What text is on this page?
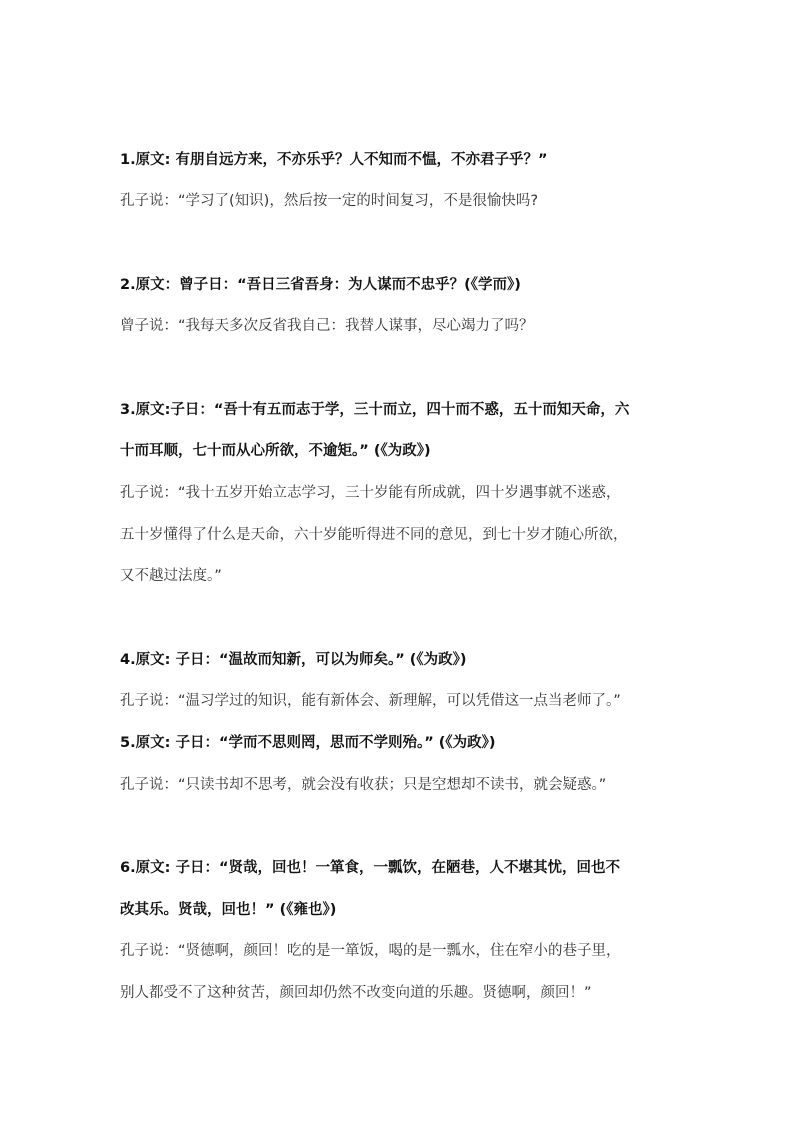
1.原文: 有朋自远方来，不亦乐乎？人不知而不愠，不亦君子乎？”
孔子说：“学习了(知识)，然后按一定的时间复习，不是很愉快吗?
2.原文：曾子日：“吾日三省吾身：为人谋而不忠乎？(《学而》)
曾子说：“我每天多次反省我自己：我替人谋事，尽心竭力了吗？
3.原文:子日：“吾十有五而志于学，三十而立，四十而不惑，五十而知天命，六
十而耳顺，七十而从心所欲，不逾矩。” (《为政》)
孔子说：“我十五岁开始立志学习，三十岁能有所成就，四十岁遇事就不迷惑，
五十岁懂得了什么是天命，六十岁能听得进不同的意见，到七十岁才随心所欲，
又不越过法度。”
4.原文: 子日：“温故而知新，可以为师矣。” (《为政》)
孔子说：“温习学过的知识，能有新体会、新理解，可以凭借这一点当老师了。”
5.原文: 子日：“学而不思则罔，思而不学则殆。” (《为政》)
孔子说：“只读书却不思考，就会没有收获；只是空想却不读书，就会疑惑。”
6.原文: 子日：“贤哉，回也！一箪食，一瓢饮，在陋巷，人不堪其忧，回也不
改其乐。贤哉，回也！” (《雍也》)
孔子说：“贤德啊，颜回！吃的是一箪饭，喝的是一瓢水，住在窄小的巷子里，
别人都受不了这种贫苦，颜回却仍然不改变向道的乐趣。贤德啊，颜回！”
